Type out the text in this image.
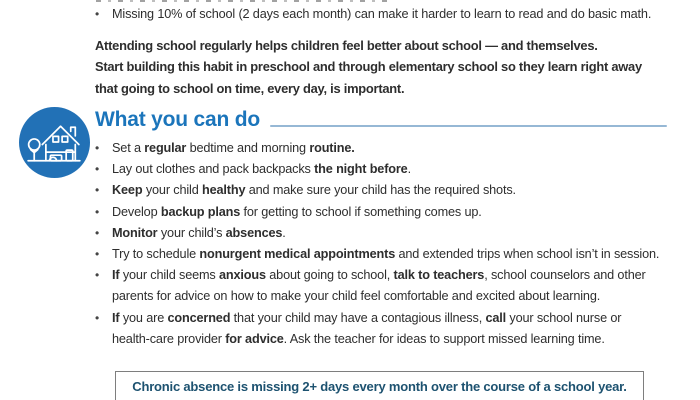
•	Missing 10% of school (2 days each month) can make it harder to learn to read and do basic math.
Attending school regularly helps children feel better about school — and themselves.
Start building this habit in preschool and through elementary school so they learn right away
that going to school on time, every day, is important.
What you can do
•	Set a regular bedtime and morning routine.
•	Lay out clothes and pack backpacks the night before.
•	Keep your child healthy and make sure your child has the required shots.
•	Develop backup plans for getting to school if something comes up.
•	Monitor your child’s absences.
•	Try to schedule nonurgent medical appointments and extended trips when school isn’t in session.
•	If your child seems anxious about going to school, talk to teachers, school counselors and other
parents for advice on how to make your child feel comfortable and excited about learning.
•	If you are concerned that your child may have a contagious illness, call your school nurse or
health-care provider for advice. Ask the teacher for ideas to support missed learning time.
Chronic absence is missing 2+ days every month over the course of a school year.
